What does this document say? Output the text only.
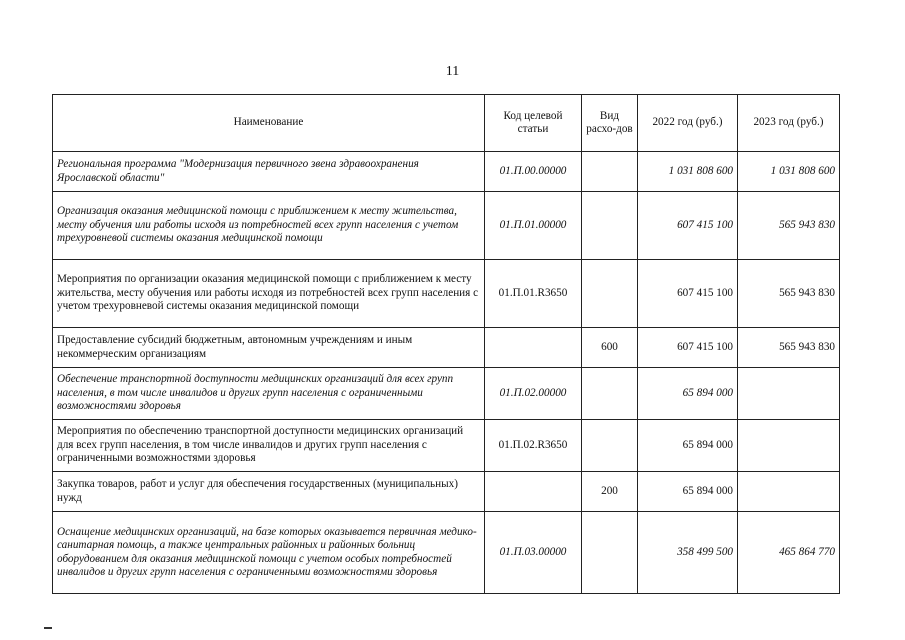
11
Наименование	Код целевой статьи	Вид расхо-дов	2022 год (руб.)	2023 год (руб.)
Региональная программа "Модернизация первичного звена здравоохранения Ярославской области"	01.П.00.00000		1 031 808 600	1 031 808 600
Организация оказания медицинской помощи с приближением к месту жительства, месту обучения или работы исходя из потребностей всех групп населения с учетом трехуровневой системы оказания медицинской помощи	01.П.01.00000		607 415 100	565 943 830
Мероприятия по организации оказания медицинской помощи с приближением к месту жительства, месту обучения или работы исходя из потребностей всех групп населения с учетом трехуровневой системы оказания медицинской помощи	01.П.01.R3650		607 415 100	565 943 830
Предоставление субсидий бюджетным, автономным учреждениям и иным некоммерческим организациям		600	607 415 100	565 943 830
Обеспечение транспортной доступности медицинских организаций для всех групп населения, в том числе инвалидов и других групп населения с ограниченными возможностями здоровья	01.П.02.00000		65 894 000	
Мероприятия по обеспечению транспортной доступности медицинских организаций для всех групп населения, в том числе инвалидов и других групп населения с ограниченными возможностями здоровья	01.П.02.R3650		65 894 000	
Закупка товаров, работ и услуг для обеспечения государственных (муниципальных) нужд		200	65 894 000	
Оснащение медицинских организаций, на базе которых оказывается первичная медико-санитарная помощь, а также центральных районных и районных больниц оборудованием для оказания медицинской помощи с учетом особых потребностей инвалидов и других групп населения с ограниченными возможностями здоровья	01.П.03.00000		358 499 500	465 864 770
